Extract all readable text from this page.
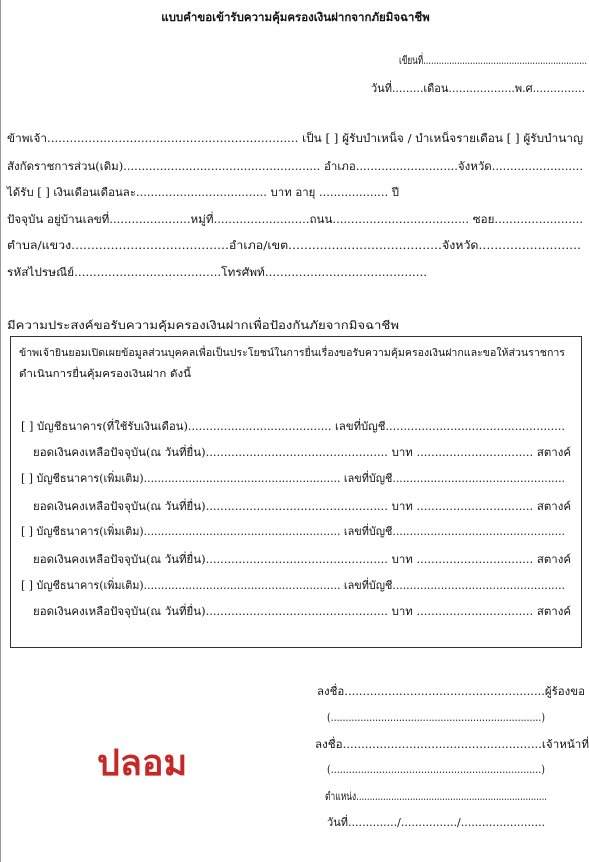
แบบคำขอเข้ารับความคุ้มครองเงินฝากจากภัยมิจฉาชีพ
เขียนที่...............................................................
วันที่.........เดือน...................พ.ศ...............
ข้าพเจ้า................................................................... เป็น [ ] ผู้รับบำเหน็จ / บำเหน็จรายเดือน [ ] ผู้รับบำนาญ
สังกัดราชการส่วน(เดิม)...................................................... อำเภอ............................จังหวัด.........................
ได้รับ [ ] เงินเดือนเดือนละ.................................... บาท อายุ ................... ปี
ปัจจุบัน อยู่บ้านเลขที่......................หมู่ที่..........................ถนน..................................... ซอย........................
ตำบล/แขวง........................................อำเภอ/เขต.......................................จังหวัด..........................
รหัสไปรษณีย์.......................................โทรศัพท์...........................................
มีความประสงค์ขอรับความคุ้มครองเงินฝากเพื่อป้องกันภัยจากมิจฉาชีพ
ข้าพเจ้ายินยอมเปิดเผยข้อมูลส่วนบุคคลเพื่อเป็นประโยชน์ในการยื่นเรื่องขอรับความคุ้มครองเงินฝากและขอให้ส่วนราชการ
ดำเนินการยื่นคุ้มครองเงินฝาก ดังนี้
[ ] บัญชีธนาคาร(ที่ใช้รับเงินเดือน)........................................ เลขที่บัญชี..................................................
ยอดเงินคงเหลือปัจจุบัน(ณ วันที่ยื่น).................................................. บาท ................................ สตางค์
[ ] บัญชีธนาคาร(เพิ่มเติม)......................................................... เลขที่บัญชี..................................................
ยอดเงินคงเหลือปัจจุบัน(ณ วันที่ยื่น).................................................. บาท ................................ สตางค์
[ ] บัญชีธนาคาร(เพิ่มเติม)......................................................... เลขที่บัญชี..................................................
ยอดเงินคงเหลือปัจจุบัน(ณ วันที่ยื่น).................................................. บาท ................................ สตางค์
[ ] บัญชีธนาคาร(เพิ่มเติม)......................................................... เลขที่บัญชี..................................................
ยอดเงินคงเหลือปัจจุบัน(ณ วันที่ยื่น).................................................. บาท ................................ สตางค์
ลงชื่อ.......................................................ผู้ร้องขอ
(.......................................................................)
ลงชื่อ......................................................เจ้าหน้าที่
(......................................................................)
ตำแหน่ง.......................................................................
วันที่............../................/........................
ปลอม
